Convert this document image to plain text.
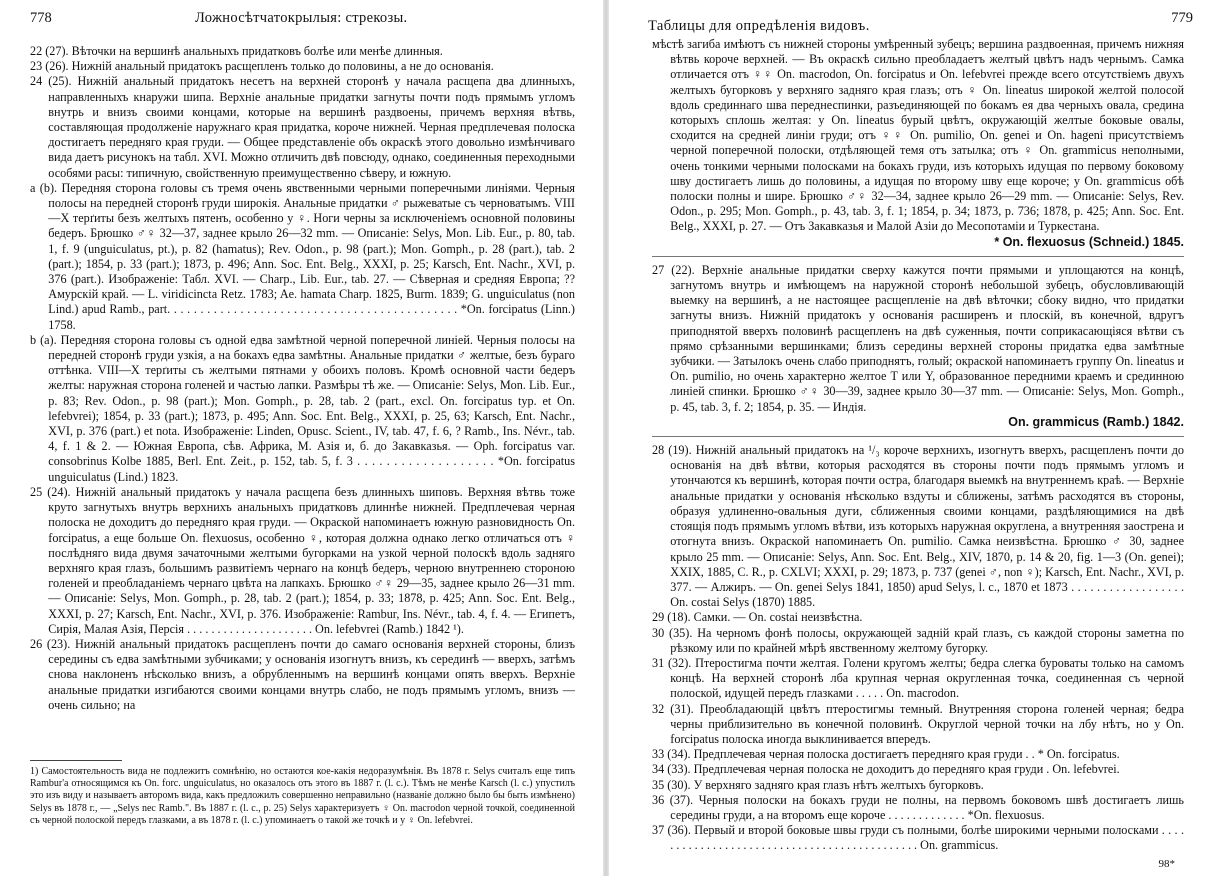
778	Ложносѣтчатокрылыя: стрекозы.

22 (27). Вѣточки на вершинѣ анальныхъ придатковъ болѣе или менѣе длинныя.

23 (26). Нижній анальный придатокъ расщепленъ только до половины, а не до основанія.

24 (25). Нижній анальный придатокъ несетъ на верхней сторонѣ у начала расщепа два длинныхъ, направленныхъ кнаружи шипа. Верхніе анальные придатки загнуты почти подъ прямымъ угломъ внутрь и внизъ своими концами, которые на вершинѣ раздвоены, причемъ верхняя вѣтвь, составляющая продолженіе наружнаго края придатка, короче нижней. Черная предплечевая полоска достигаетъ передняго края груди. — Общее представленіе объ окраскѣ этого довольно измѣнчиваго вида даетъ рисунокъ на табл. XVI. Можно отличить двѣ повсюду, однако, соединенныя переходными особями расы: типичную, свойственную преимущественно сѣверу, и южную.

a (b). Передняя сторона головы съ тремя очень явственными черными поперечными линіями. Черныя полосы на передней сторонѣ груди широкія. Анальные придатки ♂ рыжеватые съ черноватымъ. VIII—X терґиты безъ желтыхъ пятенъ, особенно у ♀. Ноги черны за исключеніемъ основной половины бедеръ. Брюшко ♂♀ 32—37, заднее крыло 26—32 mm. — Описаніе: Selys, Mon. Lib. Eur., p. 80, tab. 1, f. 9 (unguiculatus, pt.), p. 82 (hamatus); Rev. Odon., p. 98 (part.); Mon. Gomph., p. 28 (part.), tab. 2 (part.); 1854, p. 33 (part.); 1873, p. 496; Ann. Soc. Ent. Belg., XXXI, p. 25; Karsch, Ent. Nachr., XVI, p. 376 (part.). Изображеніе: Табл. XVI. — Charp., Lib. Eur., tab. 27. — Сѣверная и средняя Европа; ?? Амурскій край. — L. viridicincta Retz. 1783; Ae. hamata Charp. 1825, Burm. 1839; G. unguiculatus (non Lind.) apud Ramb., part. . . . . . . . . . . . . . . . . . . . . . . . . . . . . . . . . . . . . . . . . . . . *On. forcipatus (Linn.) 1758.

b (a). Передняя сторона головы съ одной едва замѣтной черной поперечной линіей. Черныя полосы на передней сторонѣ груди узкія, а на бокахъ едва замѣтны. Анальные придатки ♂ желтые, безъ бураго оттѣнка. VIII—X терґиты съ желтыми пятнами у обоихъ половъ. Кромѣ основной части бедеръ желты: наружная сторона голеней и частью лапки. Размѣры тѣ же. — Описаніе: Selys, Mon. Lib. Eur., p. 83; Rev. Odon., p. 98 (part.); Mon. Gomph., p. 28, tab. 2 (part., excl. On. forcipatus typ. et On. lefebvrei); 1854, p. 33 (part.); 1873, p. 495; Ann. Soc. Ent. Belg., XXXI, p. 25, 63; Karsch, Ent. Nachr., XVI, p. 376 (part.) et nota. Изображеніе: Linden, Opusc. Scient., IV, tab. 47, f. 6, ? Ramb., Ins. Névr., tab. 4, f. 1 & 2. — Южная Европа, сѣв. Африка, М. Азія и, б. до Закавказья. — Oph. forcipatus var. consobrinus Kolbe 1885, Berl. Ent. Zeit., p. 152, tab. 5, f. 3 . . . . . . . . . . . . . . . . . . . *On. forcipatus unguiculatus (Lind.) 1823.

25 (24). Нижній анальный придатокъ у начала расщепа безъ длинныхъ шиповъ. Верхняя вѣтвь тоже круто загнутыхъ внутрь верхнихъ анальныхъ придатковъ длиннѣе нижней. Предплечевая черная полоска не доходитъ до передняго края груди. — Окраской напоминаетъ южную разновидность On. forcipatus, а еще больше On. flexuosus, особенно ♀, которая должна однако легко отличаться отъ ♀ послѣдняго вида двумя зачаточными желтыми бугорками на узкой черной полоскѣ вдоль задняго верхняго края глазъ, большимъ развитіемъ чернаго на концѣ бедеръ, черною внутреннею стороною голеней и преобладаніемъ чернаго цвѣта на лапкахъ. Брюшко ♂♀ 29—35, заднее крыло 26—31 mm. — Описаніе: Selys, Mon. Gomph., p. 28, tab. 2 (part.); 1854, p. 33; 1878, p. 425; Ann. Soc. Ent. Belg., XXXI, p. 27; Karsch, Ent. Nachr., XVI, p. 376. Изображеніе: Rambur, Ins. Névr., tab. 4, f. 4. — Египетъ, Сирія, Малая Азія, Персія . . . . . . . . . . . . . . . . . . . . . On. lefebvrei (Ramb.) 1842 ¹).

26 (23). Нижній анальный придатокъ расщепленъ почти до самаго основанія верхней стороны, близъ середины съ едва замѣтными зубчиками; у основанія изогнутъ внизъ, къ серединѣ — вверхъ, затѣмъ снова наклоненъ нѣсколько внизъ, а обрубленнымъ на вершинѣ концами опять вверхъ. Верхніе анальные придатки изгибаются своими концами внутрь слабо, не подъ прямымъ угломъ, внизъ — очень сильно; на

1) Самостоятельность вида не подлежитъ сомнѣнію, но остаются кое-какія недоразумѣнія. Въ 1878 г. Selys считалъ еще типъ Rambur'а относящимся къ On. forc. unguiculatus, но оказалось отъ этого въ 1887 г. (l. c.). Тѣмъ не менѣе Karsch (l. c.) упустилъ это изъ виду и называетъ авторомъ вида, какъ предложилъ совершенно неправильно (названіе должно было бы быть измѣнено) Selys въ 1878 г., — „Selys nec Ramb.". Въ 1887 г. (l. c., p. 25) Selys характеризуетъ ♀ On. macrodon черной точкой, соединенной съ черной полоской передъ глазками, а въ 1878 г. (l. c.) упоминаетъ о такой же точкѣ и у ♀ On. lefebvrei.
Таблицы для опредѣленія видовъ.	779

мѣстѣ загиба имѣютъ съ нижней стороны умѣренный зубецъ; вершина раздвоенная, причемъ нижняя вѣтвь короче верхней. — Въ окраскѣ сильно преобладаетъ желтый цвѣтъ надъ чернымъ. Самка отличается отъ ♀♀ On. macrodon, On. forcipatus и On. lefebvrei прежде всего отсутствіемъ двухъ желтыхъ бугорковъ у верхняго задняго края глазъ; отъ ♀ On. lineatus широкой желтой полосой вдоль срединнаго шва переднеспинки, разъединяющей по бокамъ ея два черныхъ овала, средина которыхъ сплошь желтая: у On. lineatus бурый цвѣтъ, окружающій желтые боковые овалы, сходится на средней линіи груди; отъ ♀♀ On. pumilio, On. genei и On. hageni присутствіемъ черной поперечной полоски, отдѣляющей темя отъ затылка; отъ ♀ On. grammicus неполными, очень тонкими черными полосками на бокахъ груди, изъ которыхъ идущая по первому боковому шву достигаетъ лишь до половины, а идущая по второму шву еще короче; у On. grammicus обѣ полоски полны и шире. Брюшко ♂♀ 32—34, заднее крыло 26—29 mm. — Описаніе: Selys, Rev. Odon., p. 295; Mon. Gomph., p. 43, tab. 3, f. 1; 1854, p. 34; 1873, p. 736; 1878, p. 425; Ann. Soc. Ent. Belg., XXXI, p. 27. — Отъ Закавказья и Малой Азіи до Месопотаміи и Туркестана.

* On. flexuosus (Schneid.) 1845.

27 (22). Верхніе анальные придатки сверху кажутся почти прямыми и уплощаются на концѣ, загнутомъ внутрь и имѣющемъ на наружной сторонѣ небольшой зубецъ, обусловливающій выемку на вершинѣ, а не настоящее расщепленіе на двѣ вѣточки; сбоку видно, что придатки загнуты внизъ. Нижній придатокъ у основанія расширенъ и плоскій, въ конечной, вдругъ приподнятой вверхъ половинѣ расщепленъ на двѣ суженныя, почти соприкасающіяся вѣтви съ прямо срѣзанными вершинками; близъ середины верхней стороны придатка едва замѣтные зубчики. — Затылокъ очень слабо приподнятъ, голый; окраской напоминаетъ группу On. lineatus и On. pumilio, но очень характерно желтое T или Y, образованное передними краемъ и срединною линіей спинки. Брюшко ♂♀ 30—39, заднее крыло 30—37 mm. — Описаніе: Selys, Mon. Gomph., p. 45, tab. 3, f. 2; 1854, p. 35. — Индія.

On. grammicus (Ramb.) 1842.

28 (19). Нижній анальный придатокъ на ¹/₃ короче верхнихъ, изогнутъ вверхъ, расщепленъ почти до основанія на двѣ вѣтви, которыя расходятся въ стороны почти подъ прямымъ угломъ и утончаются къ вершинѣ, которая почти острa, благодаря выемкѣ на внутреннемъ краѣ. — Верхніе анальные придатки у основанія нѣсколько вздуты и сближены, затѣмъ расходятся въ стороны, образуя удлиненно-овальныя дуги, сближенныя своими концами, раздѣляющимися на двѣ стоящія подъ прямымъ угломъ вѣтви, изъ которыхъ наружная округлена, а внутренняя заострена и отогнута внизъ. Окраской напоминаетъ On. pumilio. Самка неизвѣстна. Брюшко ♂ 30, заднее крыло 25 mm. — Описаніе: Selys, Ann. Soc. Ent. Belg., XIV, 1870, p. 14 & 20, fig. 1—3 (On. genei); XXIX, 1885, C. R., p. CXLVI; XXXI, p. 29; 1873, p. 737 (genei ♂, non ♀); Karsch, Ent. Nachr., XVI, p. 377. — Алжиръ. — On. genei Selys 1841, 1850) apud Selys, l. c., 1870 et 1873 . . . . . . . . . . . . . . . . . . On. costai Selys (1870) 1885.

29 (18). Самки. — On. costai неизвѣстна.

30 (35). На черномъ фонѣ полосы, окружающей задній край глазъ, съ каждой стороны заметна по рѣзкому или по крайней мѣрѣ явственному желтому бугорку.

31 (32). Птеростигма почти желтая. Голени кругомъ желты; бедра слегка буроваты только на самомъ концѣ. На верхней сторонѣ лба крупная черная округленная точка, соединенная съ черной полоской, идущей передъ глазками . . . . . On. macrodon.

32 (31). Преобладающій цвѣтъ птеростигмы темный. Внутренняя сторона голеней черная; бедра черны приблизительно въ конечной половинѣ. Округлой черной точки на лбу нѣтъ, но у On. forcipatus полоска иногда выклинивается впередъ.

33 (34). Предплечевая черная полоска достигаетъ передняго края груди . . * On. forcipatus.

34 (33). Предплечевая черная полоска не доходитъ до передняго края груди . On. lefebvrei.

35 (30). У верхняго задняго края глазъ нѣтъ желтыхъ бугорковъ.

36 (37). Черныя полоски на бокахъ груди не полны, на первомъ боковомъ швѣ достигаетъ лишь середины груди, а на второмъ еще короче . . . . . . . . . . . . . *On. flexuosus.

37 (36). Первый и второй боковые швы груди съ полными, болѣе широкими черными полосками . . . . . . . . . . . . . . . . . . . . . . . . . . . . . . . . . . . . . . . . . . . . . On. grammicus.

98*
